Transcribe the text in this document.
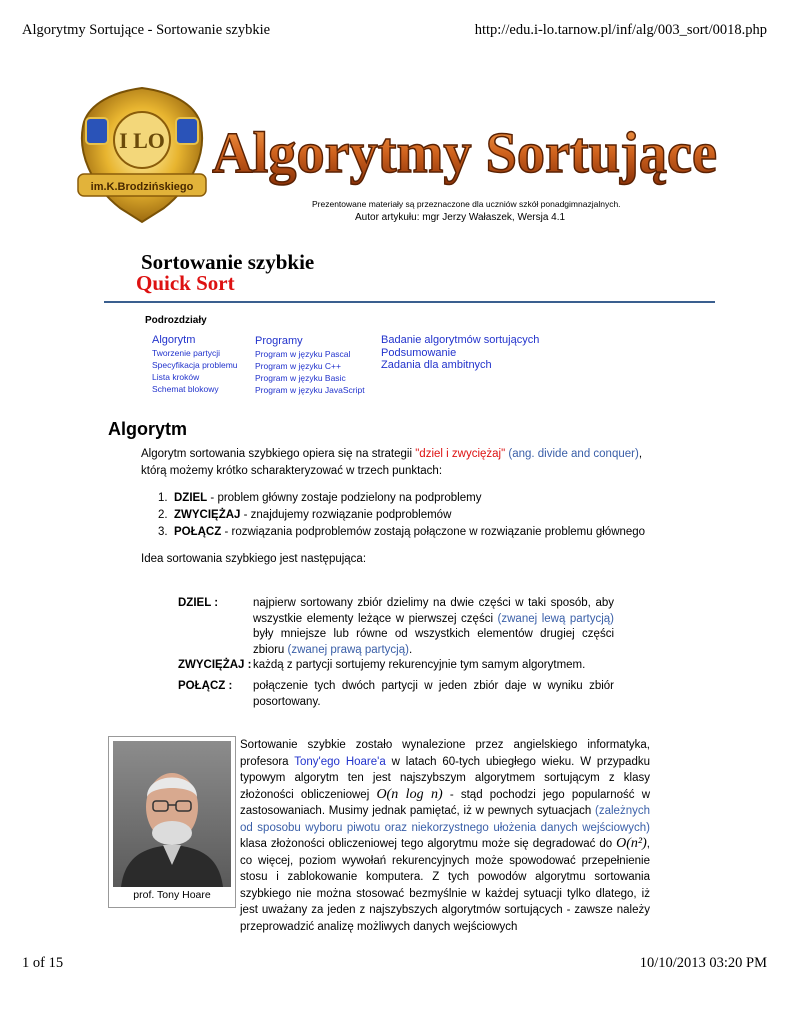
Algorytmy Sortujące - Sortowanie szybkie	http://edu.i-lo.tarnow.pl/inf/alg/003_sort/0018.php
I LO
im.K.Brodzińskiego
Algorytmy Sortujące
Prezentowane materiały są przeznaczone dla uczniów szkół ponadgimnazjalnych.
Autor artykułu: mgr Jerzy Wałaszek, Wersja 4.1
Sortowanie szybkie
Quick Sort
Podrozdziały
Algorytm
Tworzenie partycji
Specyfikacja problemu
Lista kroków
Schemat blokowy
Programy
Program w języku Pascal
Program w języku C++
Program w języku Basic
Program w języku JavaScript
Badanie algorytmów sortujących
Podsumowanie
Zadania dla ambitnych
Algorytm
Algorytm sortowania szybkiego opiera się na strategii "dziel i zwyciężaj" (ang. divide and conquer), którą możemy krótko scharakteryzować w trzech punktach:
1. DZIEL - problem główny zostaje podzielony na podproblemy
2. ZWYCIĘŻAJ - znajdujemy rozwiązanie podproblemów
3. POŁĄCZ - rozwiązania podproblemów zostają połączone w rozwiązanie problemu głównego
Idea sortowania szybkiego jest następująca:
DZIEL :	najpierw sortowany zbiór dzielimy na dwie części w taki sposób, aby wszystkie elementy leżące w pierwszej części (zwanej lewą partycją) były mniejsze lub równe od wszystkich elementów drugiej części zbioru (zwanej prawą partycją).
ZWYCIĘŻAJ : każdą z partycji sortujemy rekurencyjnie tym samym algorytmem.
POŁĄCZ : połączenie tych dwóch partycji w jeden zbiór daje w wyniku zbiór posortowany.
prof. Tony Hoare
Sortowanie szybkie zostało wynalezione przez angielskiego informatyka, profesora Tony'ego Hoare'a w latach 60-tych ubiegłego wieku. W przypadku typowym algorytm ten jest najszybszym algorytmem sortującym z klasy złożoności obliczeniowej O(n log n) - stąd pochodzi jego popularność w zastosowaniach. Musimy jednak pamiętać, iż w pewnych sytuacjach (zależnych od sposobu wyboru piwotu oraz niekorzystnego ułożenia danych wejściowych) klasa złożoności obliczeniowej tego algorytmu może się degradować do O(n²), co więcej, poziom wywołań rekurencyjnych może spowodować przepełnienie stosu i zablokowanie komputera. Z tych powodów algorytmu sortowania szybkiego nie można stosować bezmyślnie w każdej sytuacji tylko dlatego, iż jest uważany za jeden z najszybszych algorytmów sortujących - zawsze należy przeprowadzić analizę możliwych danych wejściowych
1 of 15	10/10/2013 03:20 PM
